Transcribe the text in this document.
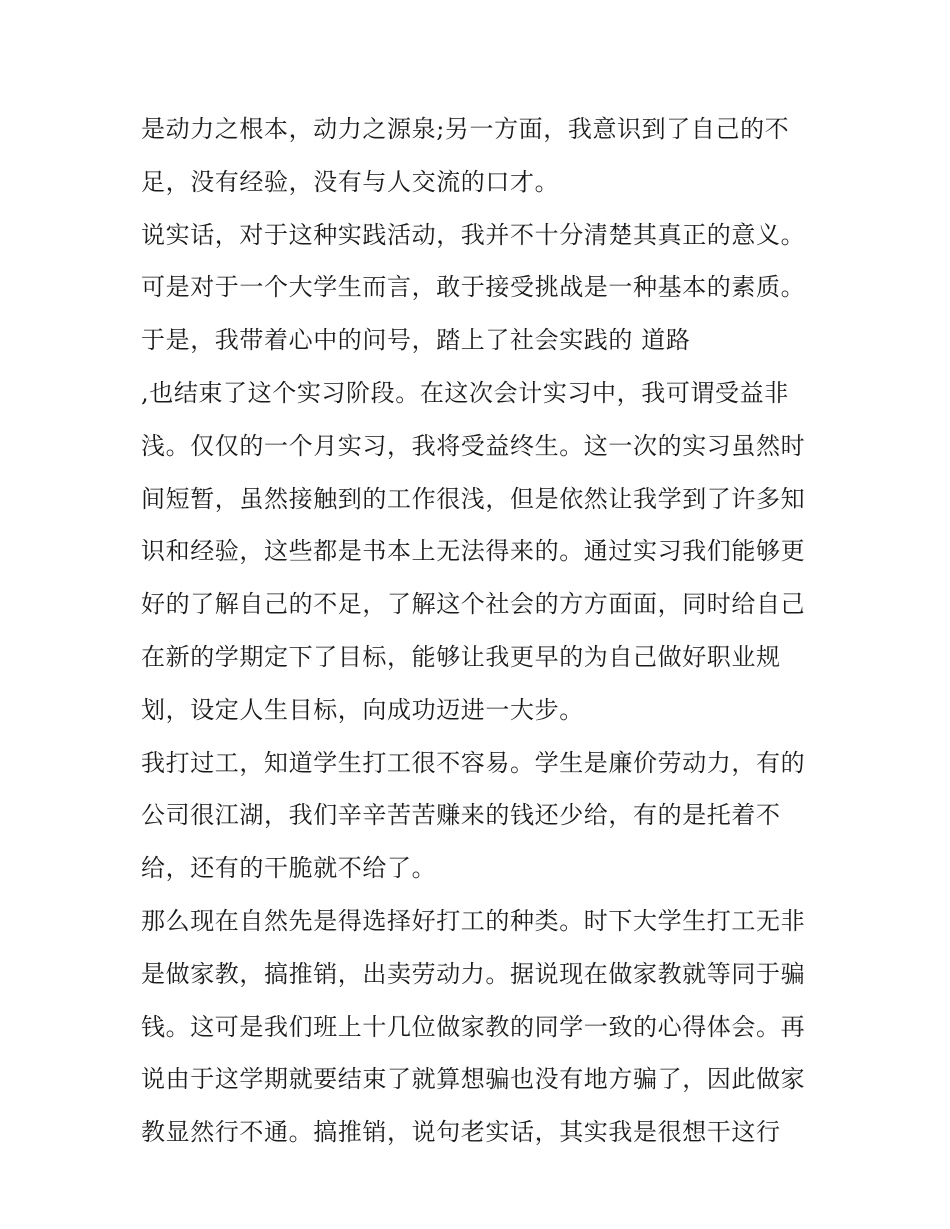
是动力之根本，动力之源泉;另一方面，我意识到了自己的不
足，没有经验，没有与人交流的口才。
说实话，对于这种实践活动，我并不十分清楚其真正的意义。
可是对于一个大学生而言，敢于接受挑战是一种基本的素质。
于是，我带着心中的问号，踏上了社会实践的 道路
,也结束了这个实习阶段。在这次会计实习中，我可谓受益非
浅。仅仅的一个月实习，我将受益终生。这一次的实习虽然时
间短暂，虽然接触到的工作很浅，但是依然让我学到了许多知
识和经验，这些都是书本上无法得来的。通过实习我们能够更
好的了解自己的不足，了解这个社会的方方面面，同时给自己
在新的学期定下了目标，能够让我更早的为自己做好职业规
划，设定人生目标，向成功迈进一大步。
我打过工，知道学生打工很不容易。学生是廉价劳动力，有的
公司很江湖，我们辛辛苦苦赚来的钱还少给，有的是托着不
给，还有的干脆就不给了。
那么现在自然先是得选择好打工的种类。时下大学生打工无非
是做家教，搞推销，出卖劳动力。据说现在做家教就等同于骗
钱。这可是我们班上十几位做家教的同学一致的心得体会。再
说由于这学期就要结束了就算想骗也没有地方骗了，因此做家
教显然行不通。搞推销，说句老实话，其实我是很想干这行
